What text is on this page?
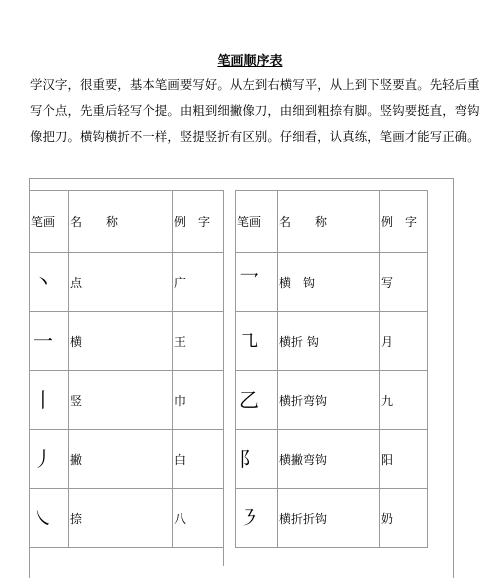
笔画顺序表
学汉字，很重要，基本笔画要写好。从左到右横写平，从上到下竖要直。先轻后重
写个点，先重后轻写个提。由粗到细撇像刀，由细到粗捺有脚。竖钩要挺直，弯钩
像把刀。横钩横折不一样，竖提竖折有区别。仔细看，认真练，笔画才能写正确。
笔画	名　　称	例　字
丶	点	广
一	横	王
丨	竖	巾
丿	撇	白
㇏	捺	八
笔画	名　　称	例　字
乛	横　钩	写
㇈	横折 钩	月
乙	横折弯钩	九
阝	横撇弯钩	阳
㇋	横折折钩	奶
